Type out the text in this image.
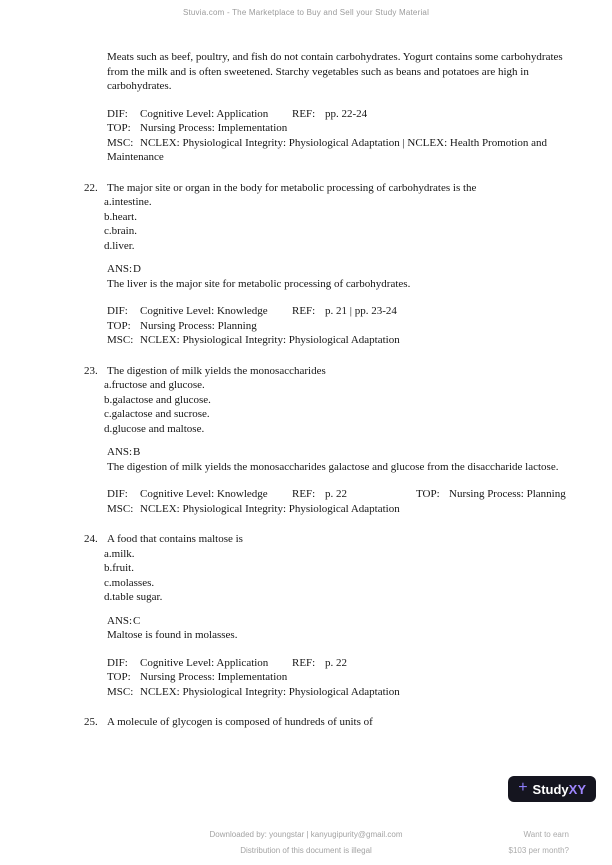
Stuvia.com - The Marketplace to Buy and Sell your Study Material

Meats such as beef, poultry, and fish do not contain carbohydrates. Yogurt contains some carbohydrates from the milk and is often sweetened. Starchy vegetables such as beans and potatoes are high in carbohydrates.

DIF: Cognitive Level: Application REF: pp. 22-24
TOP: Nursing Process: Implementation
MSC: NCLEX: Physiological Integrity: Physiological Adaptation | NCLEX: Health Promotion and Maintenance
22. The major site or organ in the body for metabolic processing of carbohydrates is the
a. intestine.
b. heart.
c. brain.
d. liver.
ANS:D

The liver is the major site for metabolic processing of carbohydrates.

DIF: Cognitive Level: Knowledge REF: p. 21 | pp. 23-24
TOP: Nursing Process: Planning
MSC: NCLEX: Physiological Integrity: Physiological Adaptation
23. The digestion of milk yields the monosaccharides
a. fructose and glucose.
b. galactose and glucose.
c. galactose and sucrose.
d. glucose and maltose.
ANS:B

The digestion of milk yields the monosaccharides galactose and glucose from the disaccharide lactose.

DIF: Cognitive Level: Knowledge REF: p. 22	TOP: Nursing Process: Planning
MSC: NCLEX: Physiological Integrity: Physiological Adaptation
24. A food that contains maltose is
a. milk.
b. fruit.
c. molasses.
d. table sugar.
ANS:C

Maltose is found in molasses.

DIF: Cognitive Level: Application REF: p. 22
TOP: Nursing Process: Implementation
MSC: NCLEX: Physiological Integrity: Physiological Adaptation
25. A molecule of glycogen is composed of hundreds of units of
+ StudyXY
Downloaded by: youngstar | kanyugipurity@gmail.com
Distribution of this document is illegal
Want to earn
$103 per month?
